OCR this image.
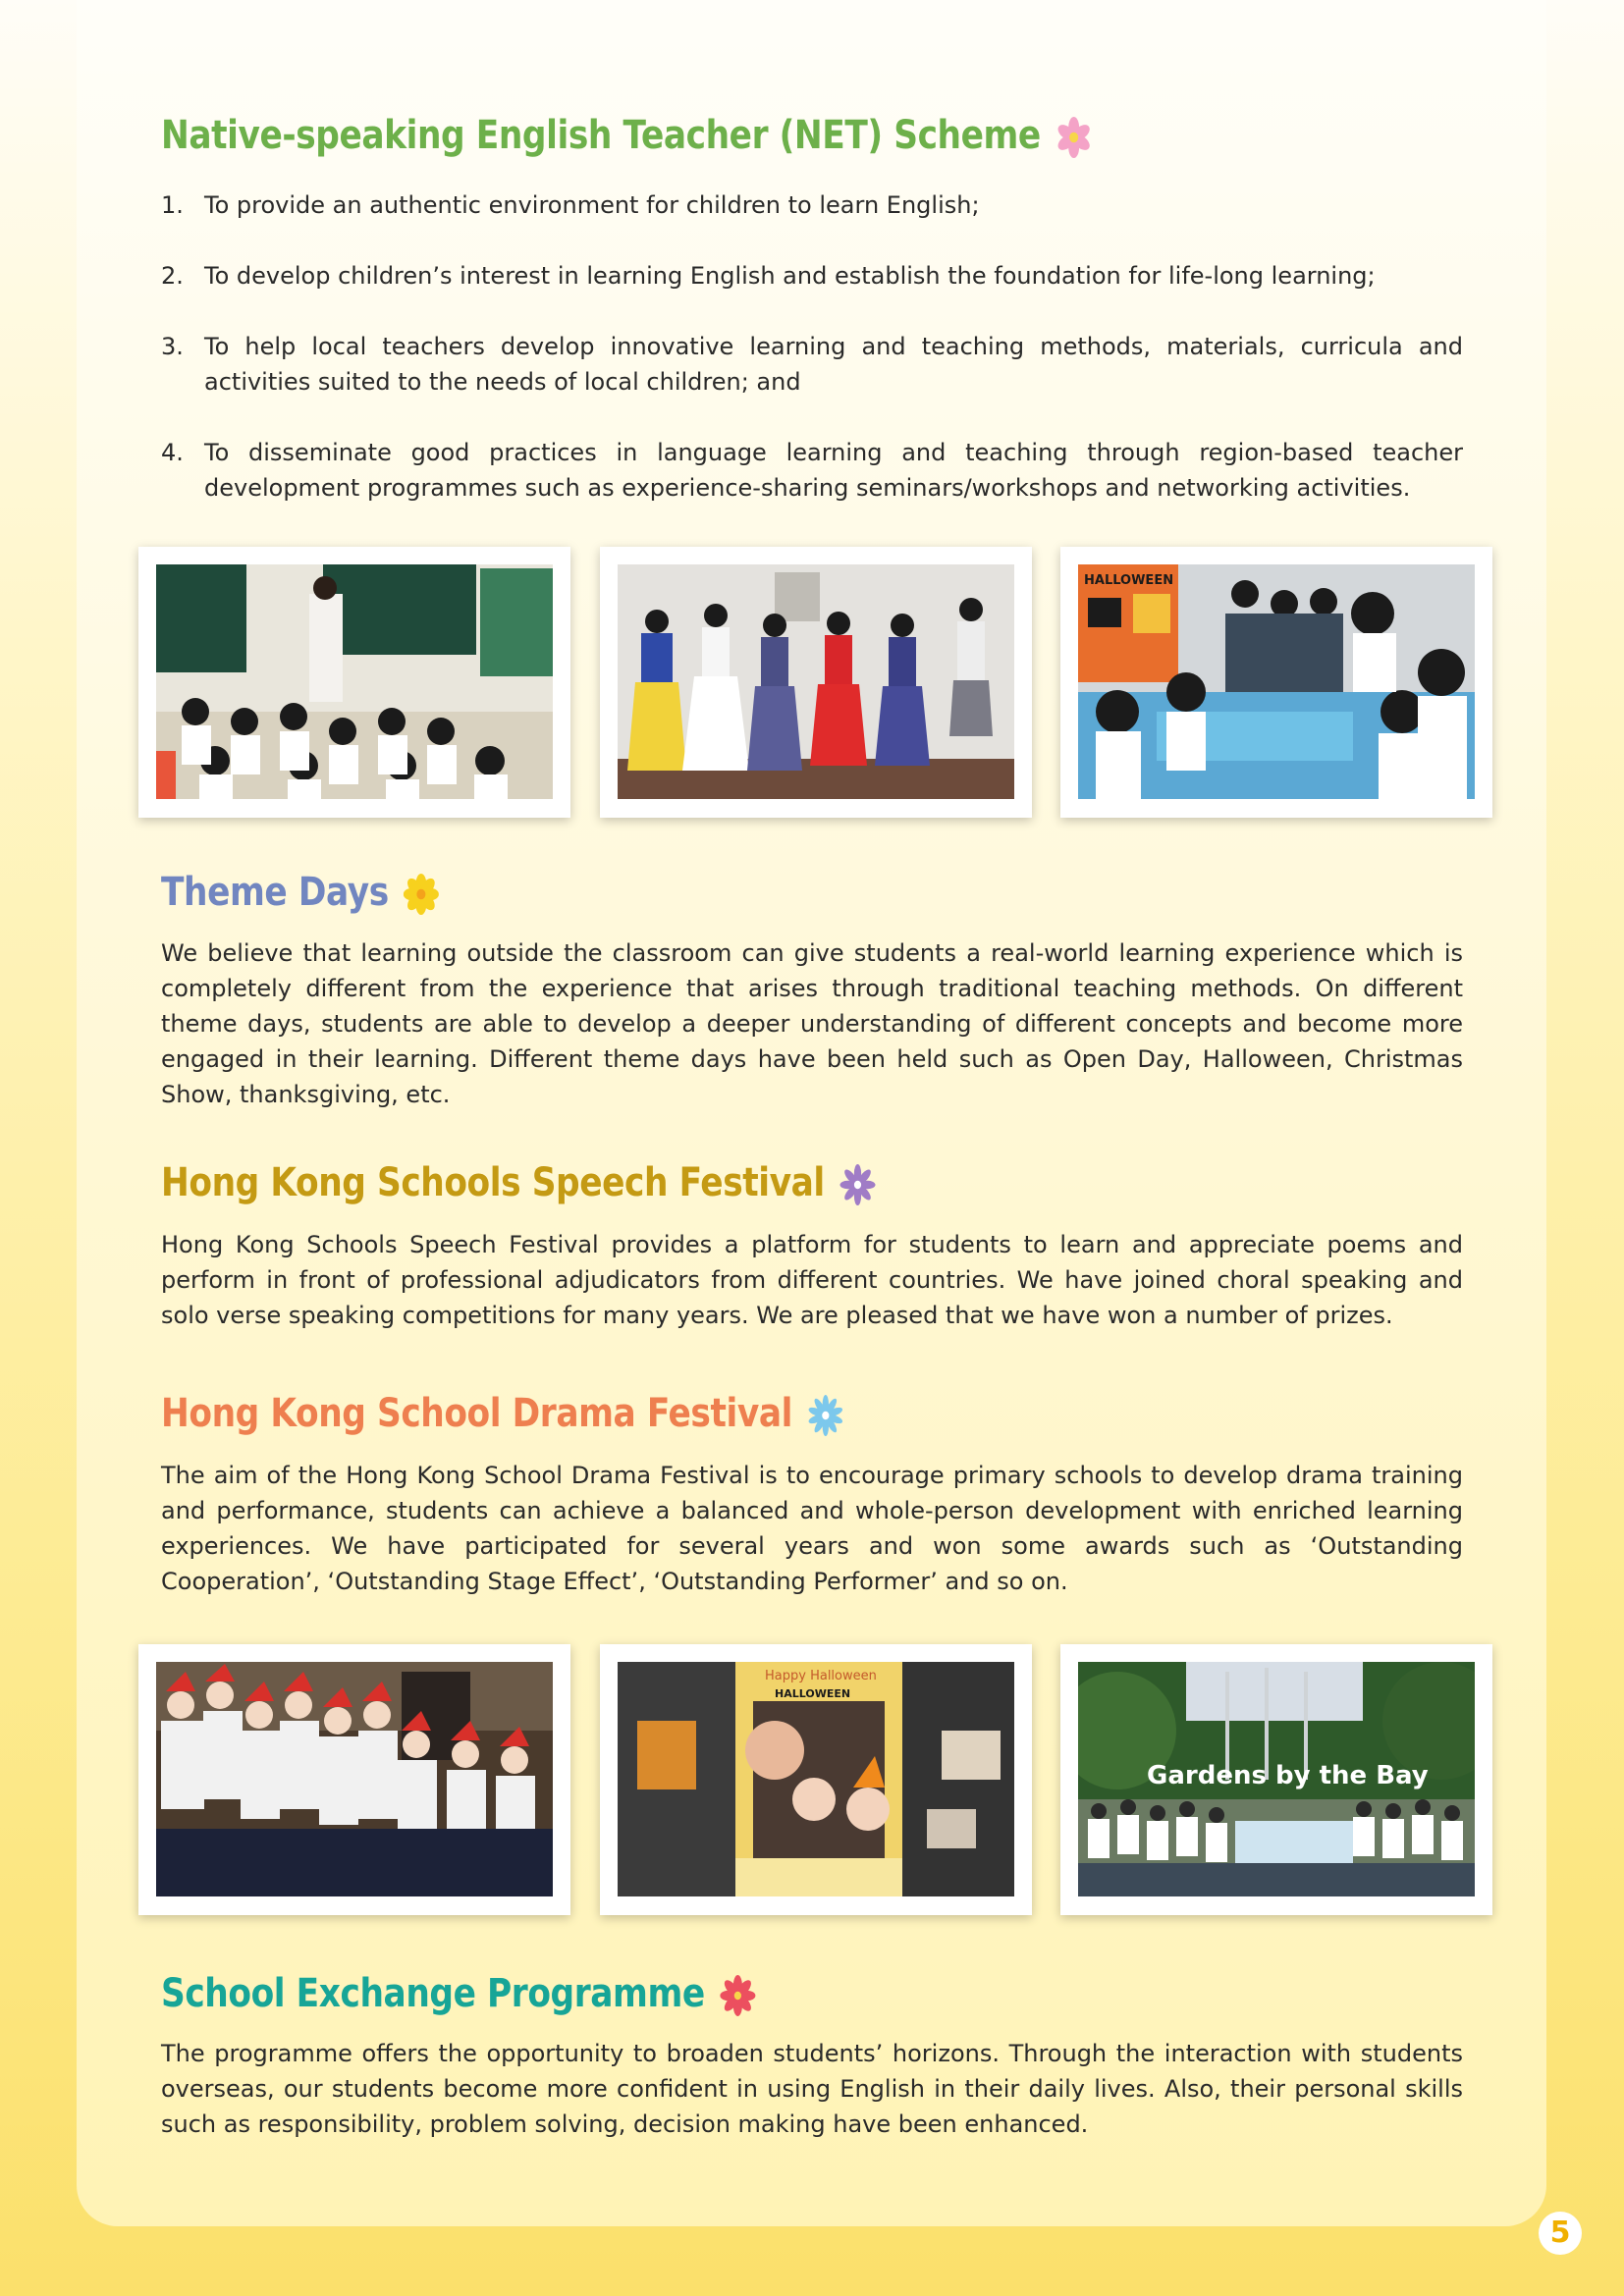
Native-speaking English Teacher (NET) Scheme
1. To provide an authentic environment for children to learn English;
2. To develop children’s interest in learning English and establish the foundation for life-long learning;
3. To help local teachers develop innovative learning and teaching methods, materials, curricula and activities suited to the needs of local children; and
4. To disseminate good practices in language learning and teaching through region-based teacher development programmes such as experience-sharing seminars/workshops and networking activities.
HALLOWEEN
Theme Days

We believe that learning outside the classroom can give students a real-world learning experience which is completely different from the experience that arises through traditional teaching methods. On different theme days, students are able to develop a deeper understanding of different concepts and become more engaged in their learning. Different theme days have been held such as Open Day, Halloween, Christmas Show, thanksgiving, etc.

Hong Kong Schools Speech Festival

Hong Kong Schools Speech Festival provides a platform for students to learn and appreciate poems and perform in front of professional adjudicators from different countries. We have joined choral speaking and solo verse speaking competitions for many years. We are pleased that we have won a number of prizes.

Hong Kong School Drama Festival

The aim of the Hong Kong School Drama Festival is to encourage primary schools to develop drama training and performance, students can achieve a balanced and whole-person development with enriched learning experiences. We have participated for several years and won some awards such as ‘Outstanding Cooperation’, ‘Outstanding Stage Effect’, ‘Outstanding Performer’ and so on.

Happy Halloween
HALLOWEEN
Gardens by the Bay
School Exchange Programme

The programme offers the opportunity to broaden students’ horizons. Through the interaction with students overseas, our students become more confident in using English in their daily lives. Also, their personal skills such as responsibility, problem solving, decision making have been enhanced.

5
